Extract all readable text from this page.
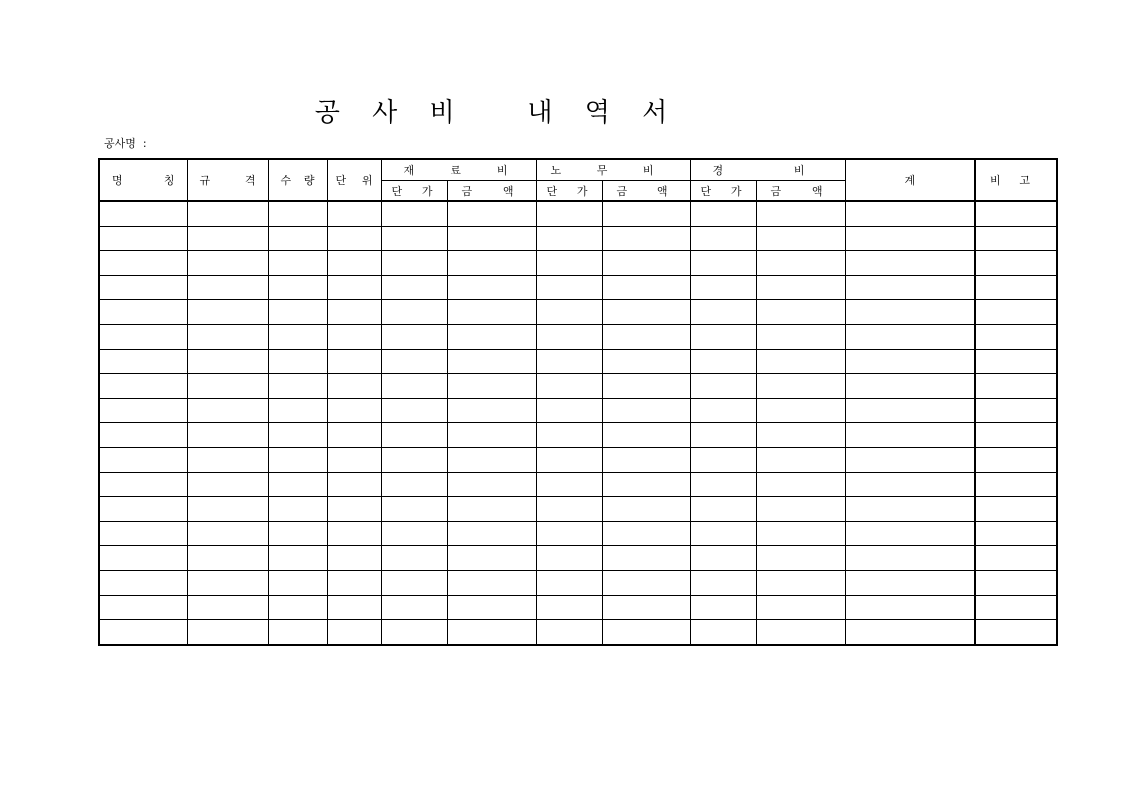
공 사 비   내 역 서
공사명  :
명 칭	규 격	수 량	단 위	재 료 비		노 무 비		경 비		계	비 고

				단 가	금 액	단 가	금 액	단 가	금 액		
